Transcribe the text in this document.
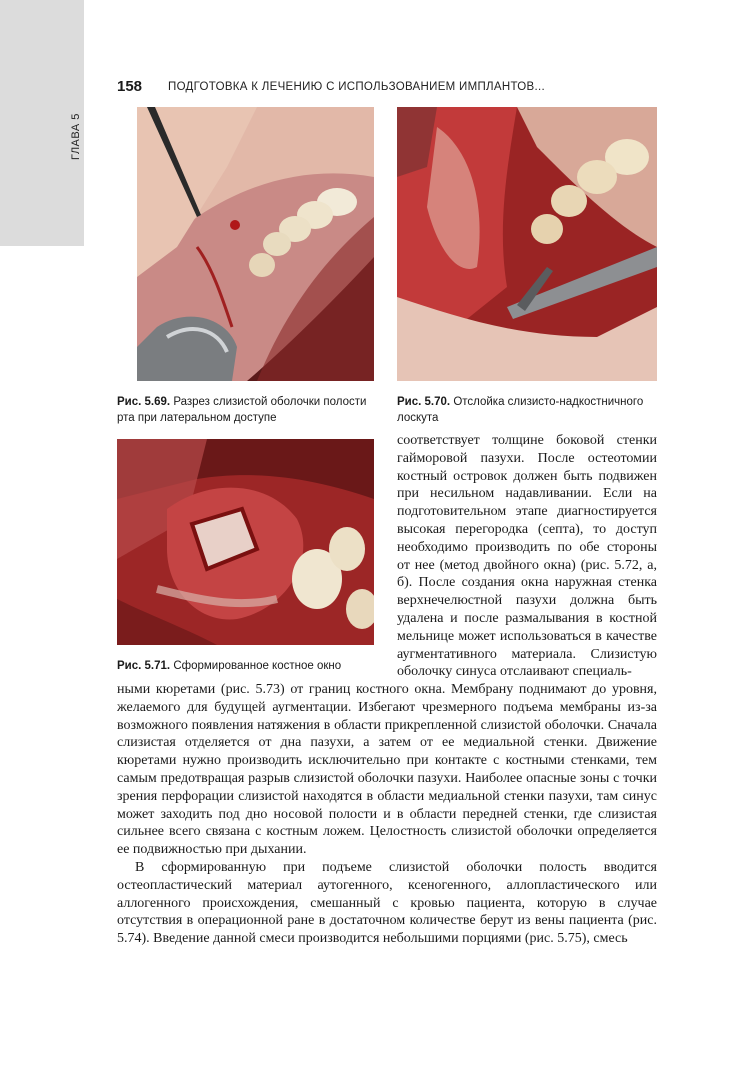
ГЛАВА 5
158 ПОДГОТОВКА К ЛЕЧЕНИЮ С ИСПОЛЬЗОВАНИЕМ ИМПЛАНТОВ...
Рис. 5.69. Разрез слизистой оболочки полости рта при латеральном доступе
Рис. 5.70. Отслойка слизисто-надкостничного лоскута
Рис. 5.71. Сформированное костное окно

соответствует толщине боковой стенки гайморовой пазухи. После остеотомии костный островок должен быть подвижен при несильном надавливании. Если на подготовительном этапе диагностируется высокая перегородка (септа), то доступ необходимо производить по обе стороны от нее (метод двойного окна) (рис. 5.72, а, б). После создания окна наружная стенка верхнечелюстной пазухи должна быть удалена и после размалывания в костной мельнице может использоваться в качестве аугментативного материала. Слизистую оболочку синуса отслаивают специаль-

ными кюретами (рис. 5.73) от границ костного окна. Мембрану поднимают до уровня, желаемого для будущей аугментации. Избегают чрезмерного подъема мембраны из-за возможного появления натяжения в области прикрепленной слизистой оболочки. Сначала слизистая отделяется от дна пазухи, а затем от ее медиальной стенки. Движение кюретами нужно производить исключительно при контакте с костными стенками, тем самым предотвращая разрыв слизистой оболочки пазухи. Наиболее опасные зоны с точки зрения перфорации слизистой находятся в области медиальной стенки пазухи, там синус может заходить под дно носовой полости и в области передней стенки, где слизистая сильнее всего связана с костным ложем. Целостность слизистой оболочки определяется ее подвижностью при дыхании.

В сформированную при подъеме слизистой оболочки полость вводится остеопластический материал аутогенного, ксеногенного, аллопластического или аллогенного происхождения, смешанный с кровью пациента, которую в случае отсутствия в операционной ране в достаточном количестве берут из вены пациента (рис. 5.74). Введение данной смеси производится небольшими порциями (рис. 5.75), смесь
